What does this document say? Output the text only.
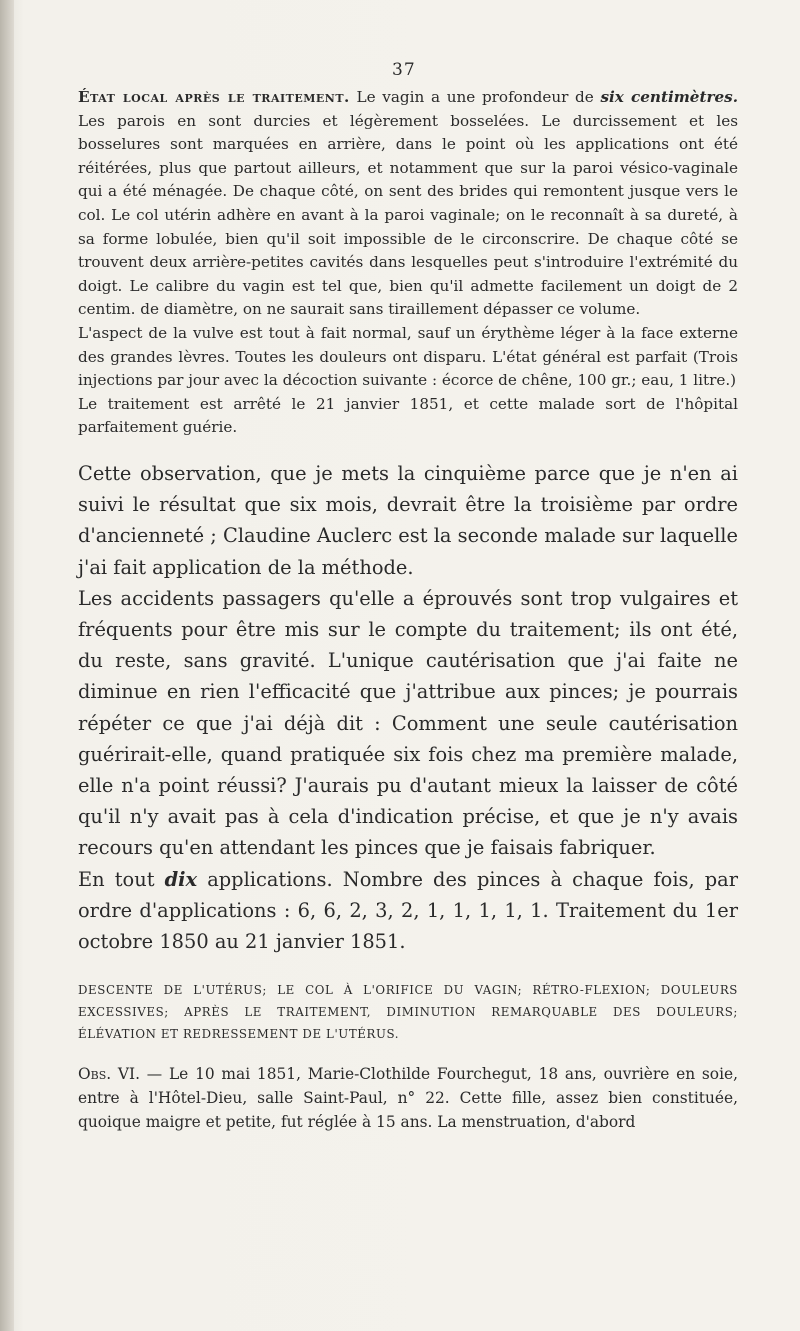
37

État local après le traitement. Le vagin a une profondeur de six centimètres. Les parois en sont durcies et légèrement bosselées. Le durcissement et les bosselures sont marquées en arrière, dans le point où les applications ont été réitérées, plus que partout ailleurs, et notamment que sur la paroi vésico-vaginale qui a été ménagée. De chaque côté, on sent des brides qui remontent jusque vers le col. Le col utérin adhère en avant à la paroi vaginale; on le reconnaît à sa dureté, à sa forme lobulée, bien qu'il soit impossible de le circonscrire. De chaque côté se trouvent deux arrière-petites cavités dans lesquelles peut s'introduire l'extrémité du doigt. Le calibre du vagin est tel que, bien qu'il admette facilement un doigt de 2 centim. de diamètre, on ne saurait sans tiraillement dépasser ce volume.

L'aspect de la vulve est tout à fait normal, sauf un érythème léger à la face externe des grandes lèvres. Toutes les douleurs ont disparu. L'état général est parfait (Trois injections par jour avec la décoction suivante : écorce de chêne, 100 gr.; eau, 1 litre.)

Le traitement est arrêté le 21 janvier 1851, et cette malade sort de l'hôpital parfaitement guérie.

Cette observation, que je mets la cinquième parce que je n'en ai suivi le résultat que six mois, devrait être la troisième par ordre d'ancienneté ; Claudine Auclerc est la seconde malade sur laquelle j'ai fait application de la méthode.

Les accidents passagers qu'elle a éprouvés sont trop vulgaires et fréquents pour être mis sur le compte du traitement; ils ont été, du reste, sans gravité. L'unique cautérisation que j'ai faite ne diminue en rien l'efficacité que j'attribue aux pinces; je pourrais répéter ce que j'ai déjà dit : Comment une seule cautérisation guérirait-elle, quand pratiquée six fois chez ma première malade, elle n'a point réussi? J'aurais pu d'autant mieux la laisser de côté qu'il n'y avait pas à cela d'indication précise, et que je n'y avais recours qu'en attendant les pinces que je faisais fabriquer.

En tout dix applications. Nombre des pinces à chaque fois, par ordre d'applications : 6, 6, 2, 3, 2, 1, 1, 1, 1, 1. Traitement du 1er octobre 1850 au 21 janvier 1851.

DESCENTE DE L'UTÉRUS; LE COL À L'ORIFICE DU VAGIN; RÉTRO-FLEXION; DOULEURS EXCESSIVES; APRÈS LE TRAITEMENT, DIMINUTION REMARQUABLE DES DOULEURS; ÉLÉVATION ET REDRESSEMENT DE L'UTÉRUS.

Obs. VI. — Le 10 mai 1851, Marie-Clothilde Fourchegut, 18 ans, ouvrière en soie, entre à l'Hôtel-Dieu, salle Saint-Paul, n° 22. Cette fille, assez bien constituée, quoique maigre et petite, fut réglée à 15 ans. La menstruation, d'abord
